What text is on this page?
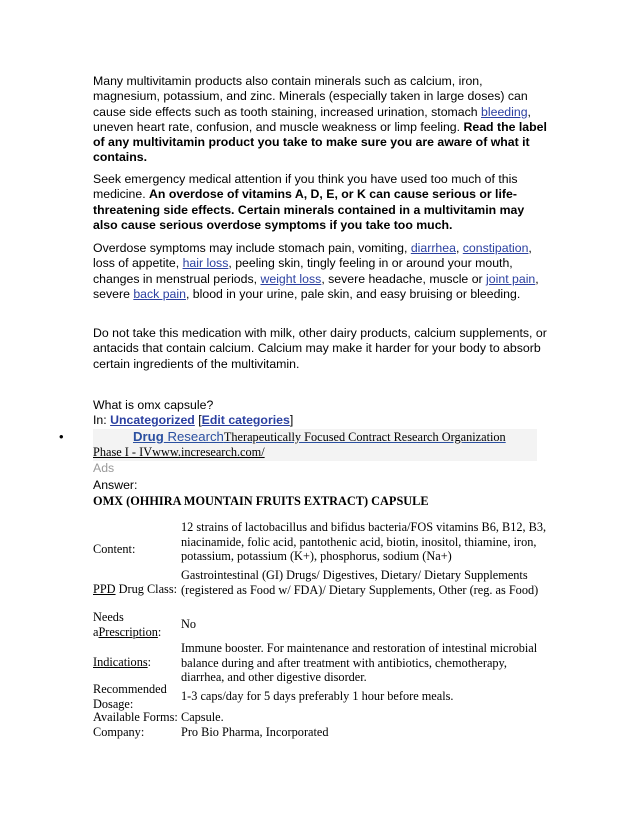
Many multivitamin products also contain minerals such as calcium, iron, magnesium, potassium, and zinc. Minerals (especially taken in large doses) can cause side effects such as tooth staining, increased urination, stomach bleeding, uneven heart rate, confusion, and muscle weakness or limp feeling. Read the label of any multivitamin product you take to make sure you are aware of what it contains.
Seek emergency medical attention if you think you have used too much of this medicine. An overdose of vitamins A, D, E, or K can cause serious or life-threatening side effects. Certain minerals contained in a multivitamin may also cause serious overdose symptoms if you take too much.
Overdose symptoms may include stomach pain, vomiting, diarrhea, constipation, loss of appetite, hair loss, peeling skin, tingly feeling in or around your mouth, changes in menstrual periods, weight loss, severe headache, muscle or joint pain, severe back pain, blood in your urine, pale skin, and easy bruising or bleeding.
Do not take this medication with milk, other dairy products, calcium supplements, or antacids that contain calcium. Calcium may make it harder for your body to absorb certain ingredients of the multivitamin.
What is omx capsule?
In: Uncategorized [Edit categories]
•	Drug ResearchTherapeutically Focused Contract Research Organization
Phase I - IVwww.incresearch.com/
Ads
Answer:
OMX (OHHIRA MOUNTAIN FRUITS EXTRACT) CAPSULE
Content:
12 strains of lactobacillus and bifidus bacteria/FOS vitamins B6, B12, B3, niacinamide, folic acid, pantothenic acid, biotin, inositol, thiamine, iron, potassium, potassium (K+), phosphorus, sodium (Na+)
PPD Drug Class:
Gastrointestinal (GI) Drugs/ Digestives, Dietary/ Dietary Supplements (registered as Food w/ FDA)/ Dietary Supplements, Other (reg. as Food)
Needs
aPrescription:
No
Indications:
Immune booster. For maintenance and restoration of intestinal microbial balance during and after treatment with antibiotics, chemotherapy, diarrhea, and other digestive disorder.
Recommended
Dosage:
1-3 caps/day for 5 days preferably 1 hour before meals.
Available Forms: Capsule.
Company:	Pro Bio Pharma, Incorporated
